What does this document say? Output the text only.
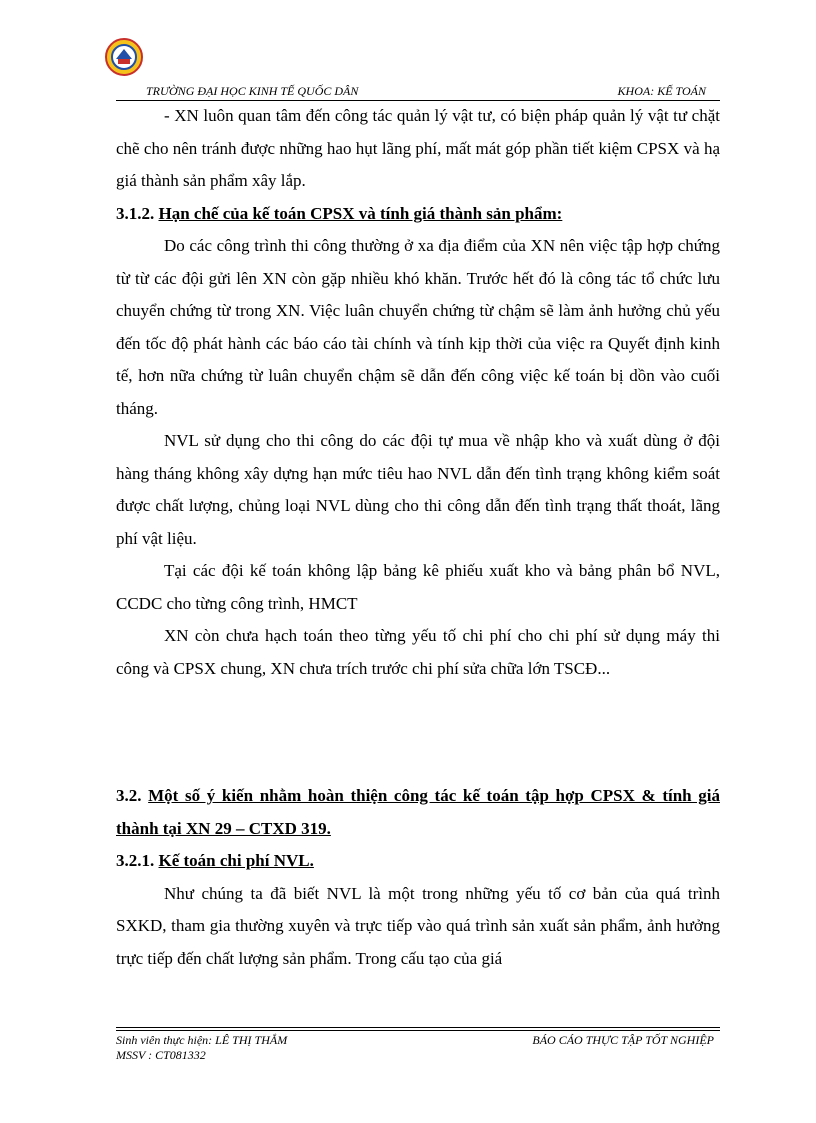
TRƯỜNG ĐẠI HỌC KINH TẾ QUỐC DÂN	KHOA: KẾ TOÁN

- XN luôn quan tâm đến công tác quản lý vật tư, có biện pháp quản lý vật tư chặt chẽ cho nên tránh được những hao hụt lãng phí, mất mát góp phần tiết kiệm CPSX và hạ giá thành sản phẩm xây lắp.

3.1.2. Hạn chế của kế toán CPSX và tính giá thành sản phẩm:

Do các công trình thi công thường ở xa địa điểm của XN nên việc tập hợp chứng từ từ các đội gửi lên XN còn gặp nhiều khó khăn. Trước hết đó là công tác tổ chức lưu chuyển chứng từ trong XN. Việc luân chuyển chứng từ chậm sẽ làm ảnh hưởng chủ yếu đến tốc độ phát hành các báo cáo tài chính và tính kịp thời của việc ra Quyết định kinh tế, hơn nữa chứng từ luân chuyển chậm sẽ dẫn đến công việc kế toán bị dồn vào cuối tháng.

NVL sử dụng cho thi công do các đội tự mua về nhập kho và xuất dùng ở đội hàng tháng không xây dựng hạn mức tiêu hao NVL dẫn đến tình trạng không kiểm soát được chất lượng, chủng loại NVL dùng cho thi công dẫn đến tình trạng thất thoát, lãng phí vật liệu.

Tại các đội kế toán không lập bảng kê phiếu xuất kho và bảng phân bổ NVL, CCDC cho từng công trình, HMCT

XN còn chưa hạch toán theo từng yếu tố chi phí cho chi phí sử dụng máy thi công và CPSX chung, XN chưa trích trước chi phí sửa chữa lớn TSCĐ...

3.2. Một số ý kiến nhằm hoàn thiện công tác kế toán tập hợp CPSX & tính giá thành tại XN 29 – CTXD 319.

3.2.1. Kế toán chi phí NVL.

Như chúng ta đã biết NVL là một trong những yếu tố cơ bản của quá trình SXKD, tham gia thường xuyên và trực tiếp vào quá trình sản xuất sản phẩm, ảnh hưởng trực tiếp đến chất lượng sản phẩm. Trong cấu tạo của giá

Sinh viên thực hiện: LÊ THỊ THẮM
MSSV : CT081332
BÁO CÁO THỰC TẬP TỐT NGHIỆP
